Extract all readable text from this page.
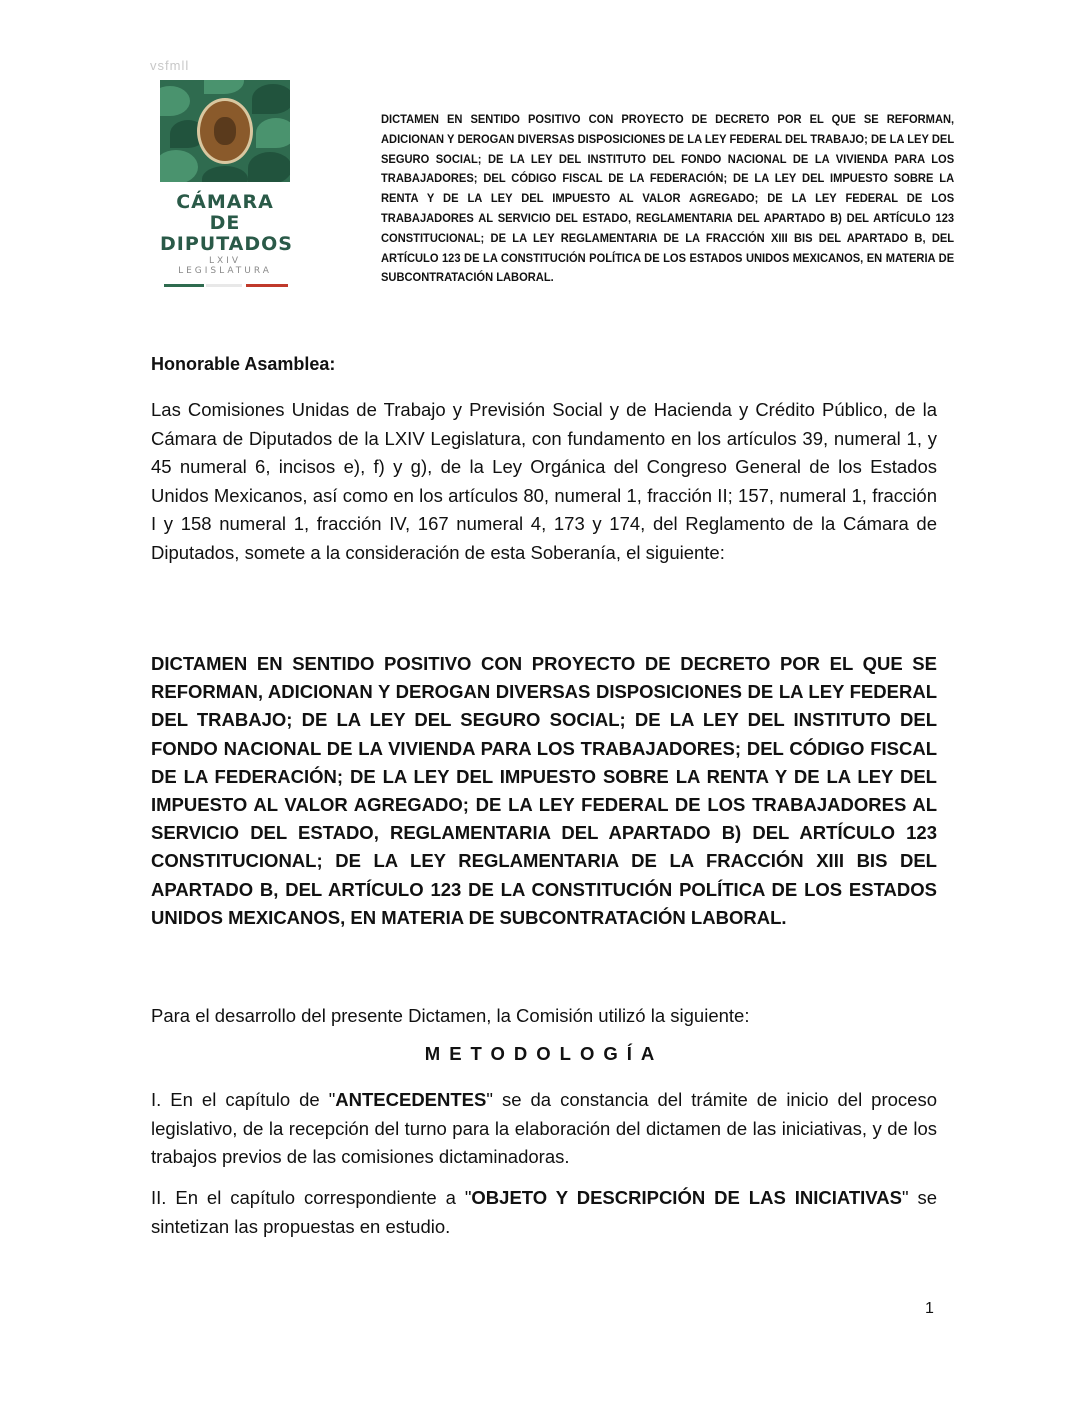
vsfmll
CÁMARA DE
DIPUTADOS
LXIV LEGISLATURA
DICTAMEN EN SENTIDO POSITIVO CON PROYECTO DE DECRETO POR EL QUE SE REFORMAN, ADICIONAN Y DEROGAN DIVERSAS DISPOSICIONES DE LA LEY FEDERAL DEL TRABAJO; DE LA LEY DEL SEGURO SOCIAL; DE LA LEY DEL INSTITUTO DEL FONDO NACIONAL DE LA VIVIENDA PARA LOS TRABAJADORES; DEL CÓDIGO FISCAL DE LA FEDERACIÓN; DE LA LEY DEL IMPUESTO SOBRE LA RENTA Y DE LA LEY DEL IMPUESTO AL VALOR AGREGADO; DE LA LEY FEDERAL DE LOS TRABAJADORES AL SERVICIO DEL ESTADO, REGLAMENTARIA DEL APARTADO B) DEL ARTÍCULO 123 CONSTITUCIONAL; DE LA LEY REGLAMENTARIA DE LA FRACCIÓN XIII BIS DEL APARTADO B, DEL ARTÍCULO 123 DE LA CONSTITUCIÓN POLÍTICA DE LOS ESTADOS UNIDOS MEXICANOS, EN MATERIA DE SUBCONTRATACIÓN LABORAL.
Honorable Asamblea:
Las Comisiones Unidas de Trabajo y Previsión Social y de Hacienda y Crédito Público, de la Cámara de Diputados de la LXIV Legislatura, con fundamento en los artículos 39, numeral 1, y 45 numeral 6, incisos e), f) y g), de la Ley Orgánica del Congreso General de los Estados Unidos Mexicanos, así como en los artículos 80, numeral 1, fracción II; 157, numeral 1, fracción I y 158 numeral 1, fracción IV, 167 numeral 4, 173 y 174, del Reglamento de la Cámara de Diputados, somete a la consideración de esta Soberanía, el siguiente:
DICTAMEN EN SENTIDO POSITIVO CON PROYECTO DE DECRETO POR EL QUE SE REFORMAN, ADICIONAN Y DEROGAN DIVERSAS DISPOSICIONES DE LA LEY FEDERAL DEL TRABAJO; DE LA LEY DEL SEGURO SOCIAL; DE LA LEY DEL INSTITUTO DEL FONDO NACIONAL DE LA VIVIENDA PARA LOS TRABAJADORES; DEL CÓDIGO FISCAL DE LA FEDERACIÓN; DE LA LEY DEL IMPUESTO SOBRE LA RENTA Y DE LA LEY DEL IMPUESTO AL VALOR AGREGADO; DE LA LEY FEDERAL DE LOS TRABAJADORES AL SERVICIO DEL ESTADO, REGLAMENTARIA DEL APARTADO B) DEL ARTÍCULO 123 CONSTITUCIONAL; DE LA LEY REGLAMENTARIA DE LA FRACCIÓN XIII BIS DEL APARTADO B, DEL ARTÍCULO 123 DE LA CONSTITUCIÓN POLÍTICA DE LOS ESTADOS UNIDOS MEXICANOS, EN MATERIA DE SUBCONTRATACIÓN LABORAL.
Para el desarrollo del presente Dictamen, la Comisión utilizó la siguiente:
METODOLOGÍA
I. En el capítulo de "ANTECEDENTES" se da constancia del trámite de inicio del proceso legislativo, de la recepción del turno para la elaboración del dictamen de las iniciativas, y de los trabajos previos de las comisiones dictaminadoras.
II. En el capítulo correspondiente a "OBJETO Y DESCRIPCIÓN DE LAS INICIATIVAS" se sintetizan las propuestas en estudio.
1
